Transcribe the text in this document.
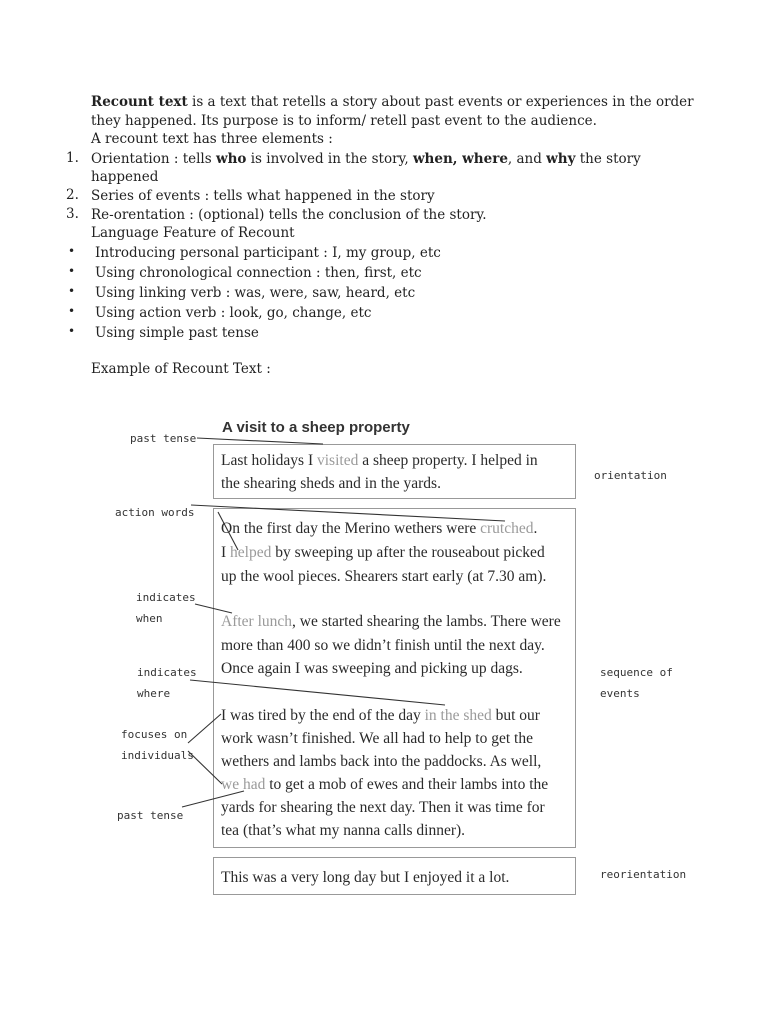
Recount text is a text that retells a story about past events or experiences in the order
they happened. Its purpose is to inform/ retell past event to the audience.
A recount text has three elements :
1. Orientation : tells who is involved in the story, when, where, and why the story
happened
2. Series of events : tells what happened in the story
3. Re-orentation : (optional) tells the conclusion of the story.
Language Feature of Recount
• Introducing personal participant : I, my group, etc
• Using chronological connection : then, first, etc
• Using linking verb : was, were, saw, heard, etc
• Using action verb : look, go, change, etc
• Using simple past tense
Example of Recount Text :
A visit to a sheep property
Last holidays I visited a sheep property. I helped in
the shearing sheds and in the yards.
On the first day the Merino wethers were crutched.
I helped by sweeping up after the rouseabout picked
up the wool pieces. Shearers start early (at 7.30 am).
After lunch, we started shearing the lambs. There were
more than 400 so we didn’t finish until the next day.
Once again I was sweeping and picking up dags.
I was tired by the end of the day in the shed but our
work wasn’t finished. We all had to help to get the
wethers and lambs back into the paddocks. As well,
we had to get a mob of ewes and their lambs into the
yards for shearing the next day. Then it was time for
tea (that’s what my nanna calls dinner).
This was a very long day but I enjoyed it a lot.
past tense
action words
indicates
when
indicates
where
focuses on
individuals
past tense
orientation
sequence of
events
reorientation
